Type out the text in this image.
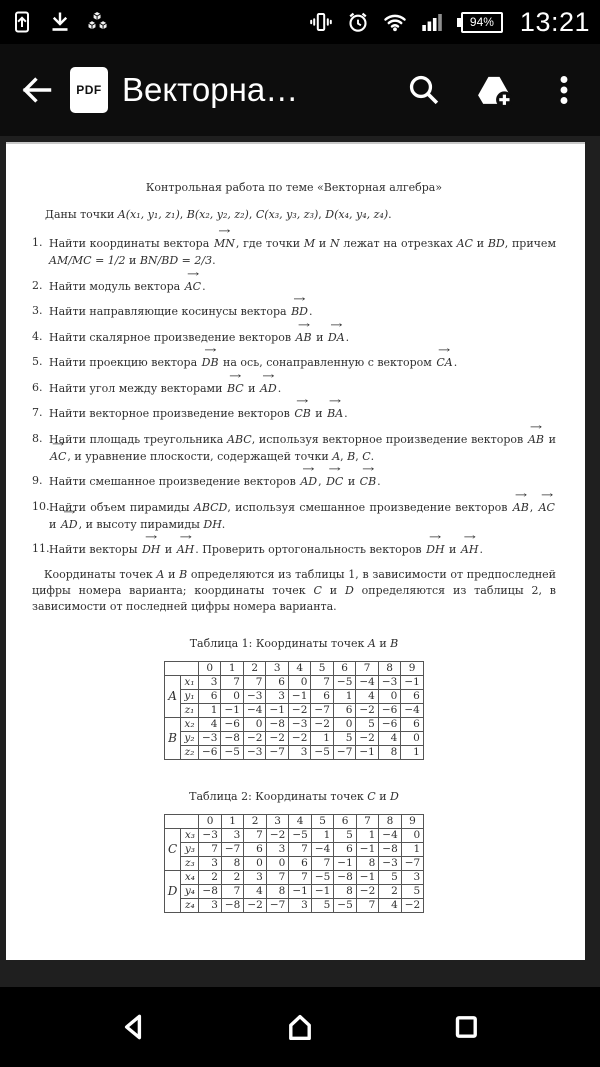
94% 13:21
PDF Векторна…
Контрольная работа по теме «Векторная алгебра»

Даны точки A(x₁, y₁, z₁), B(x₂, y₂, z₂), C(x₃, y₃, z₃), D(x₄, y₄, z₄).

1. Найти координаты вектора → MN, где точки M и N лежат на отрезках AC и BD, причем AM/MC = 1/2 и BN/BD = 2/3.
2. Найти модуль вектора → AC.
3. Найти направляющие косинусы вектора → BD.
4. Найти скалярное произведение векторов → AB и → DA.
5. Найти проекцию вектора → DB на ось, сонаправленную с вектором → CA.
6. Найти угол между векторами → BC и → AD.
7. Найти векторное произведение векторов → CB и → BA.
8. Найти площадь треугольника ABC, используя векторное произведение векторов → AB и → AC, и уравнение плоскости, содержащей точки A, B, C.
9. Найти смешанное произведение векторов → AD, → DC и → CB.
10. Найти объем пирамиды ABCD, используя смешанное произведение векторов → AB, → AC и → AD, и высоту пирамиды DH.
11. Найти векторы → DH и → AH. Проверить ортогональность векторов → DH и → AH.

Координаты точек A и B определяются из таблицы 1, в зависимости от предпоследней цифры номера варианта; координаты точек C и D определяются из таблицы 2, в зависимости от последней цифры номера варианта.

Таблица 1: Координаты точек A и B
		0	1	2	3	4	5	6	7	8	9
A	x₁	3	7	7	6	0	7	−5	−4	−3	−1
	y₁	6	0	−3	3	−1	6	1	4	0	6
	z₁	1	−1	−4	−1	−2	−7	6	−2	−6	−4
B	x₂	4	−6	0	−8	−3	−2	0	5	−6	6
	y₂	−3	−8	−2	−2	−2	1	5	−2	4	0
	z₂	−6	−5	−3	−7	3	−5	−7	−1	8	1
Таблица 2: Координаты точек C и D
		0	1	2	3	4	5	6	7	8	9
C	x₃	−3	3	7	−2	−5	1	5	1	−4	0
	y₃	7	−7	6	3	7	−4	6	−1	−8	1
	z₃	3	8	0	0	6	7	−1	8	−3	−7
D	x₄	2	2	3	7	7	−5	−8	−1	5	3
	y₄	−8	7	4	8	−1	−1	8	−2	2	5
	z₄	3	−8	−2	−7	3	5	−5	7	4	−2
